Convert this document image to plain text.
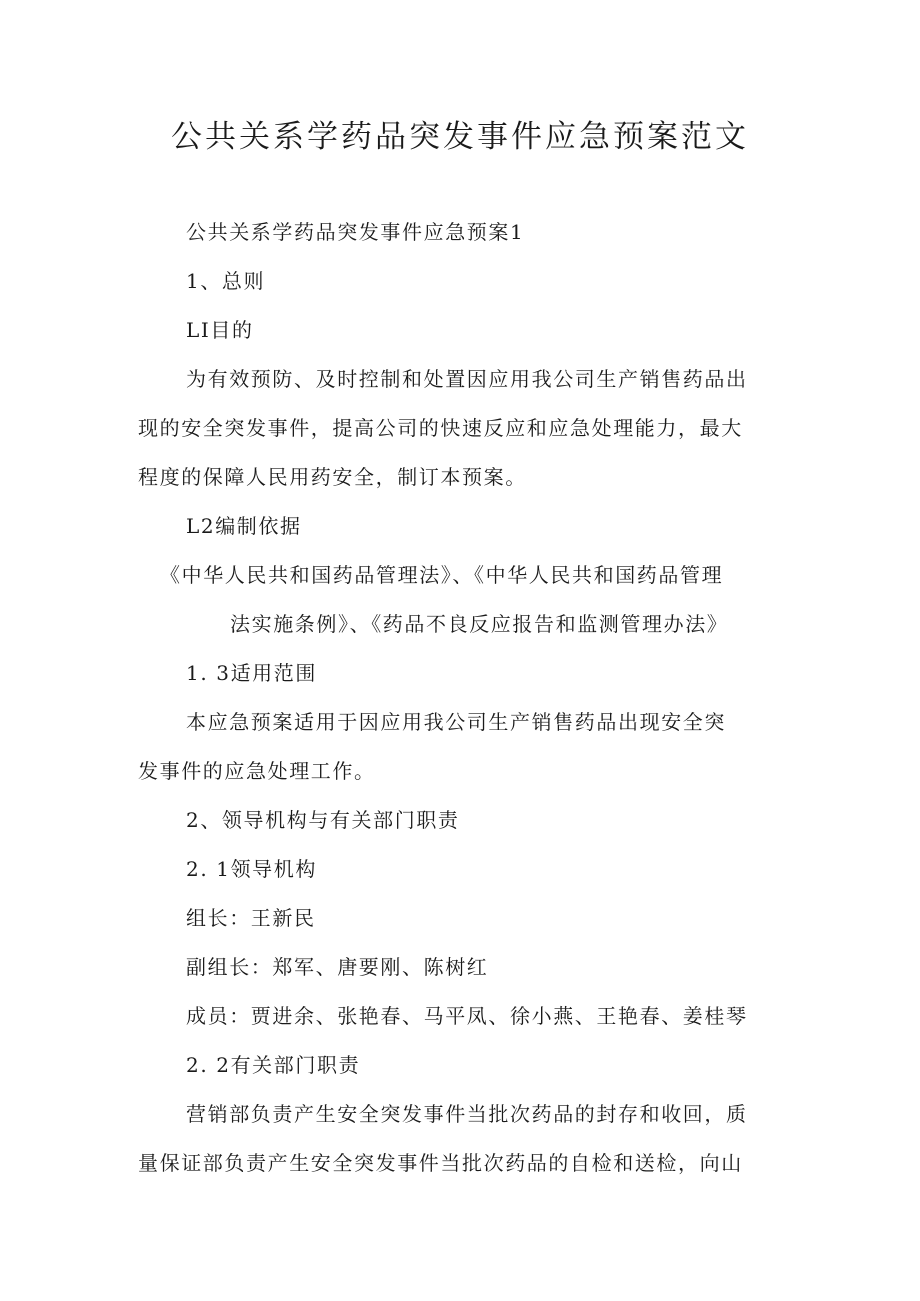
公共关系学药品突发事件应急预案范文
公共关系学药品突发事件应急预案1
1、总则
LI目的
为有效预防、及时控制和处置因应用我公司生产销售药品出
现的安全突发事件，提高公司的快速反应和应急处理能力，最大
程度的保障人民用药安全，制订本预案。
L2编制依据
《中华人民共和国药品管理法》、《中华人民共和国药品管理
法实施条例》、《药品不良反应报告和监测管理办法》
1. 3适用范围
本应急预案适用于因应用我公司生产销售药品出现安全突
发事件的应急处理工作。
2、领导机构与有关部门职责
2. 1领导机构
组长：王新民
副组长：郑军、唐要刚、陈树红
成员：贾进余、张艳春、马平凤、徐小燕、王艳春、姜桂琴
2. 2有关部门职责
营销部负责产生安全突发事件当批次药品的封存和收回，质
量保证部负责产生安全突发事件当批次药品的自检和送检，向山
